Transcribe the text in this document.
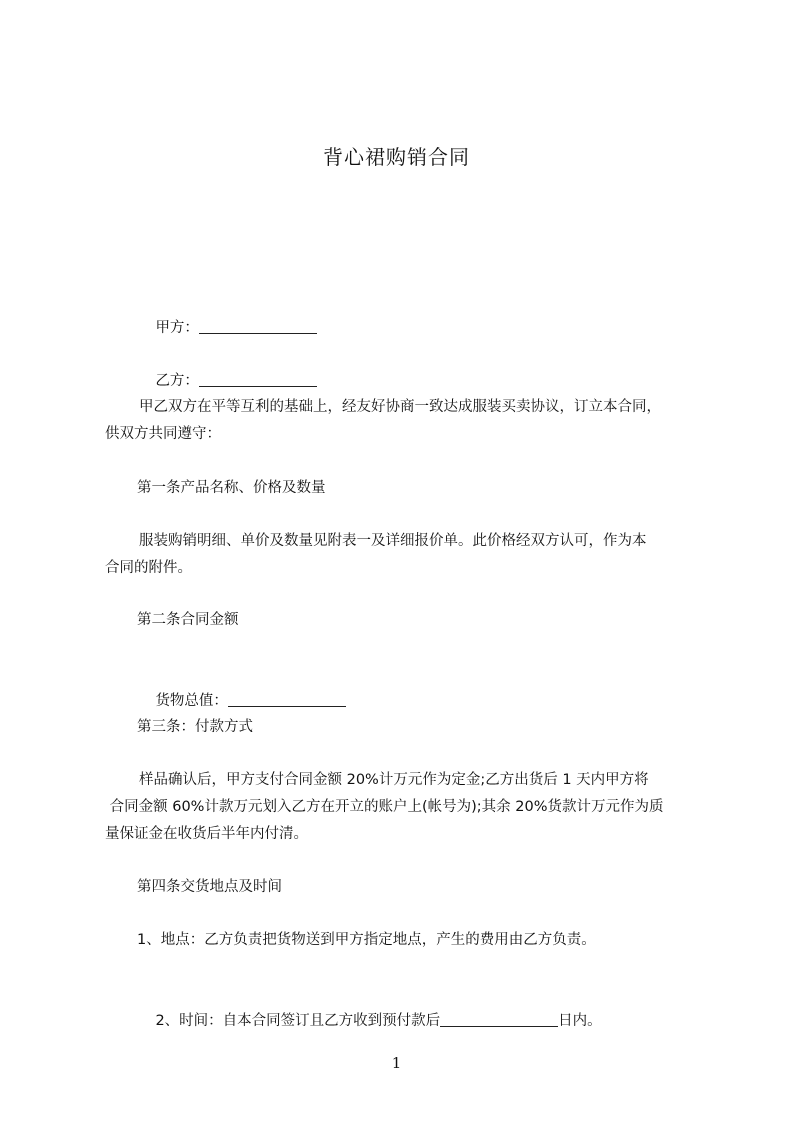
背心裙购销合同

甲方：

乙方：

甲乙双方在平等互利的基础上，经友好协商一致达成服装买卖协议，订立本合同，
供双方共同遵守：
第一条产品名称、价格及数量
服装购销明细、单价及数量见附表一及详细报价单。此价格经双方认可，作为本
合同的附件。
第二条合同金额

货物总值：

第三条：付款方式
样品确认后，甲方支付合同金额 20%计万元作为定金;乙方出货后 1 天内甲方将
合同金额 60%计款万元划入乙方在开立的账户上(帐号为);其余 20%货款计万元作为质
量保证金在收货后半年内付清。
第四条交货地点及时间
1、地点：乙方负责把货物送到甲方指定地点，产生的费用由乙方负责。

2、时间：自本合同签订且乙方收到预付款后	日内。

1
